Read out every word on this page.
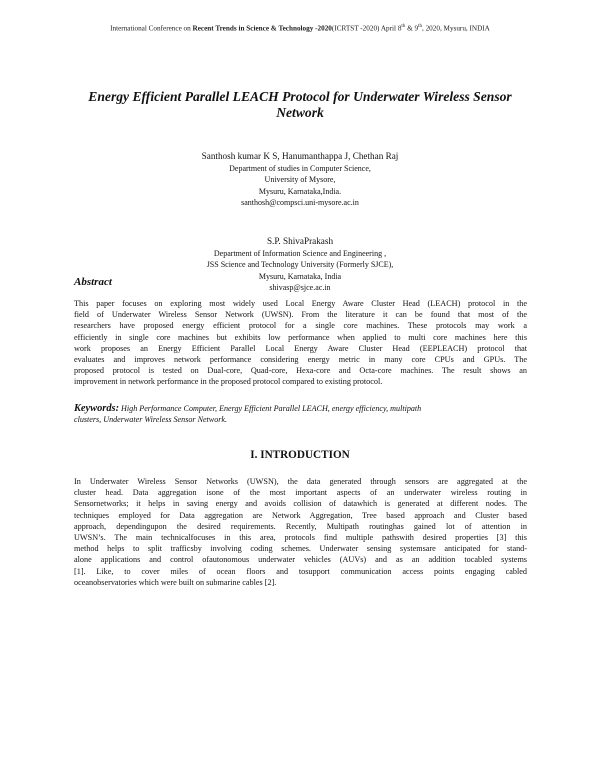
International Conference on Recent Trends in Science & Technology -2020(ICRTST -2020) April 8th & 9th, 2020, Mysuru, INDIA
Energy Efficient Parallel LEACH Protocol for Underwater Wireless Sensor
Network
Santhosh kumar K S, Hanumanthappa J, Chethan Raj
Department of studies in Computer Science,
University of Mysore,
Mysuru, Karnataka,India.
santhosh@compsci.uni-mysore.ac.in
S.P. ShivaPrakash
Department of Information Science and Engineering ,
JSS Science and Technology University (Formerly SJCE),
Mysuru, Karnataka, India
shivasp@sjce.ac.in
Abstract
This paper focuses on exploring most widely used Local Energy Aware Cluster Head (LEACH) protocol in the
field of Underwater Wireless Sensor Network (UWSN). From the literature it can be found that most of the
researchers have proposed energy efficient protocol for a single core machines. These protocols may work a
efficiently in single core machines but exhibits low performance when applied to multi core machines here this
work proposes an Energy Efficient Parallel Local Energy Aware Cluster Head (EEPLEACH) protocol that
evaluates and improves network performance considering energy metric in many core CPUs and GPUs. The
proposed protocol is tested on Dual-core, Quad-core, Hexa-core and Octa-core machines. The result shows an
improvement in network performance in the proposed protocol compared to existing protocol.
Keywords: High Performance Computer, Energy Efficient Parallel LEACH, energy efficiency, multipath
clusters, Underwater Wireless Sensor Network.
I. INTRODUCTION
In Underwater Wireless Sensor Networks (UWSN), the data generated through sensors are aggregated at the
cluster head. Data aggregation isone of the most important aspects of an underwater wireless routing in
Sensornetworks; it helps in saving energy and avoids collision of datawhich is generated at different nodes. The
techniques employed for Data aggregation are Network Aggregation, Tree based approach and Cluster based
approach, dependingupon the desired requirements. Recently, Multipath routinghas gained lot of attention in
UWSN’s. The main technicalfocuses in this area, protocols find multiple pathswith desired properties [3] this
method helps to split trafficsby involving coding schemes. Underwater sensing systemsare anticipated for stand-
alone applications and control ofautonomous underwater vehicles (AUVs) and as an addition tocabled systems
[1]. Like, to cover miles of ocean floors and tosupport communication access points engaging cabled
oceanobservatories which were built on submarine cables [2].
